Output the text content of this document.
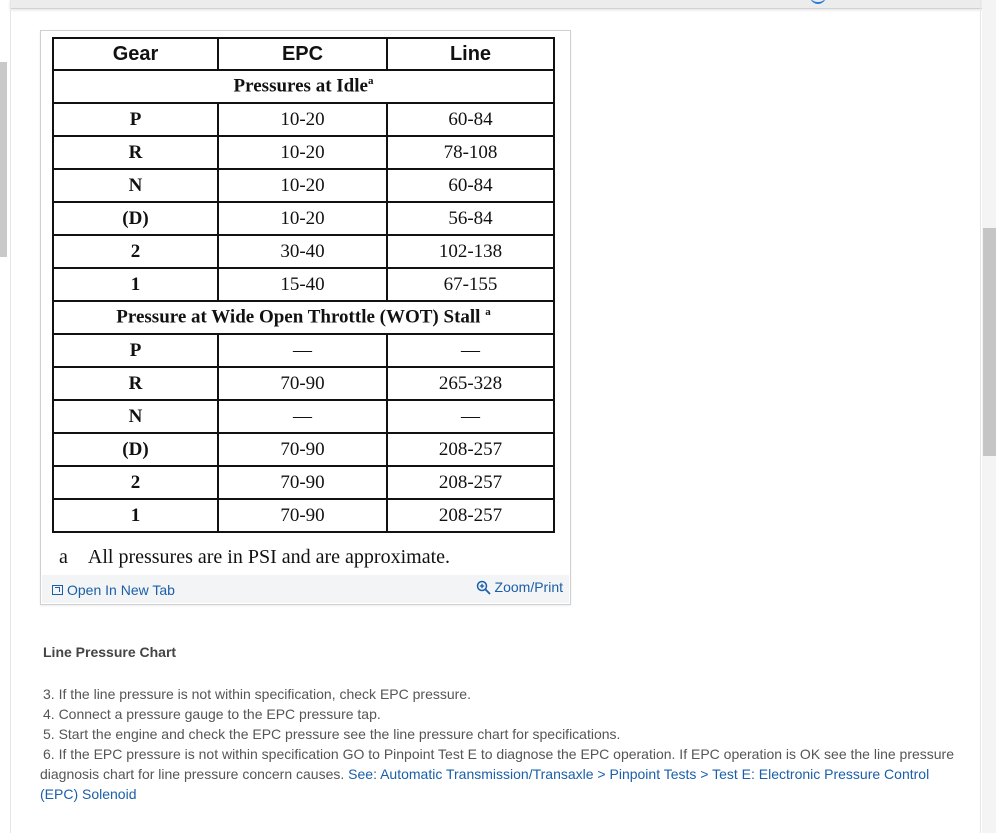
Gear	EPC	Line
Pressures at Idle$^a$
P	10-20	60-84
R	10-20	78-108
N	10-20	60-84
(D)	10-20	56-84
2	30-40	102-138
1	15-40	67-155
Pressure at Wide Open Throttle (WOT) Stall $^a$
P	—	—
R	70-90	265-328
N	—	—
(D)	70-90	208-257
2	70-90	208-257
1	70-90	208-257
a All pressures are in PSI and are approximate.
Open In New Tab	Zoom/Print
Line Pressure Chart
3. If the line pressure is not within specification, check EPC pressure.
4. Connect a pressure gauge to the EPC pressure tap.
5. Start the engine and check the EPC pressure see the line pressure chart for specifications.
6. If the EPC pressure is not within specification GO to Pinpoint Test E to diagnose the EPC operation. If EPC operation is OK see the line pressure diagnosis chart for line pressure concern causes. See: Automatic Transmission/Transaxle > Pinpoint Tests > Test E: Electronic Pressure Control (EPC) Solenoid
